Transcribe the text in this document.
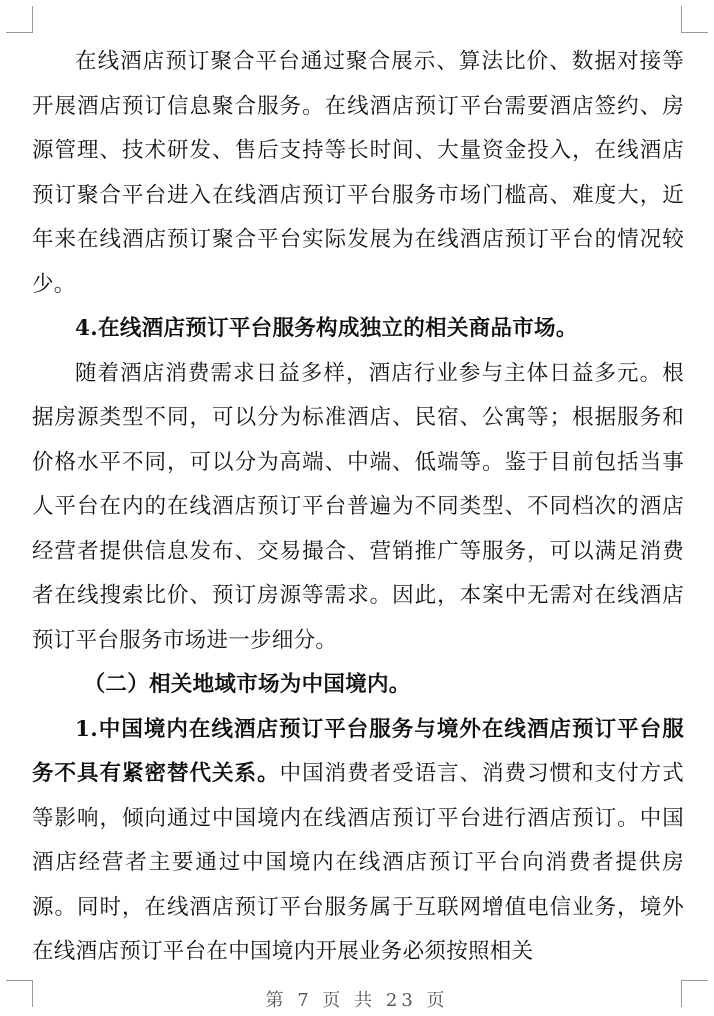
在线酒店预订聚合平台通过聚合展示、算法比价、数据对接等开展酒店预订信息聚合服务。在线酒店预订平台需要酒店签约、房源管理、技术研发、售后支持等长时间、大量资金投入，在线酒店预订聚合平台进入在线酒店预订平台服务市场门槛高、难度大，近年来在线酒店预订聚合平台实际发展为在线酒店预订平台的情况较少。

4.在线酒店预订平台服务构成独立的相关商品市场。

随着酒店消费需求日益多样，酒店行业参与主体日益多元。根据房源类型不同，可以分为标准酒店、民宿、公寓等；根据服务和价格水平不同，可以分为高端、中端、低端等。鉴于目前包括当事人平台在内的在线酒店预订平台普遍为不同类型、不同档次的酒店经营者提供信息发布、交易撮合、营销推广等服务，可以满足消费者在线搜索比价、预订房源等需求。因此，本案中无需对在线酒店预订平台服务市场进一步细分。

（二）相关地域市场为中国境内。

1.中国境内在线酒店预订平台服务与境外在线酒店预订平台服务不具有紧密替代关系。中国消费者受语言、消费习惯和支付方式等影响，倾向通过中国境内在线酒店预订平台进行酒店预订。中国酒店经营者主要通过中国境内在线酒店预订平台向消费者提供房源。同时，在线酒店预订平台服务属于互联网增值电信业务，境外在线酒店预订平台在中国境内开展业务必须按照相关

第 7 页 共 23 页
